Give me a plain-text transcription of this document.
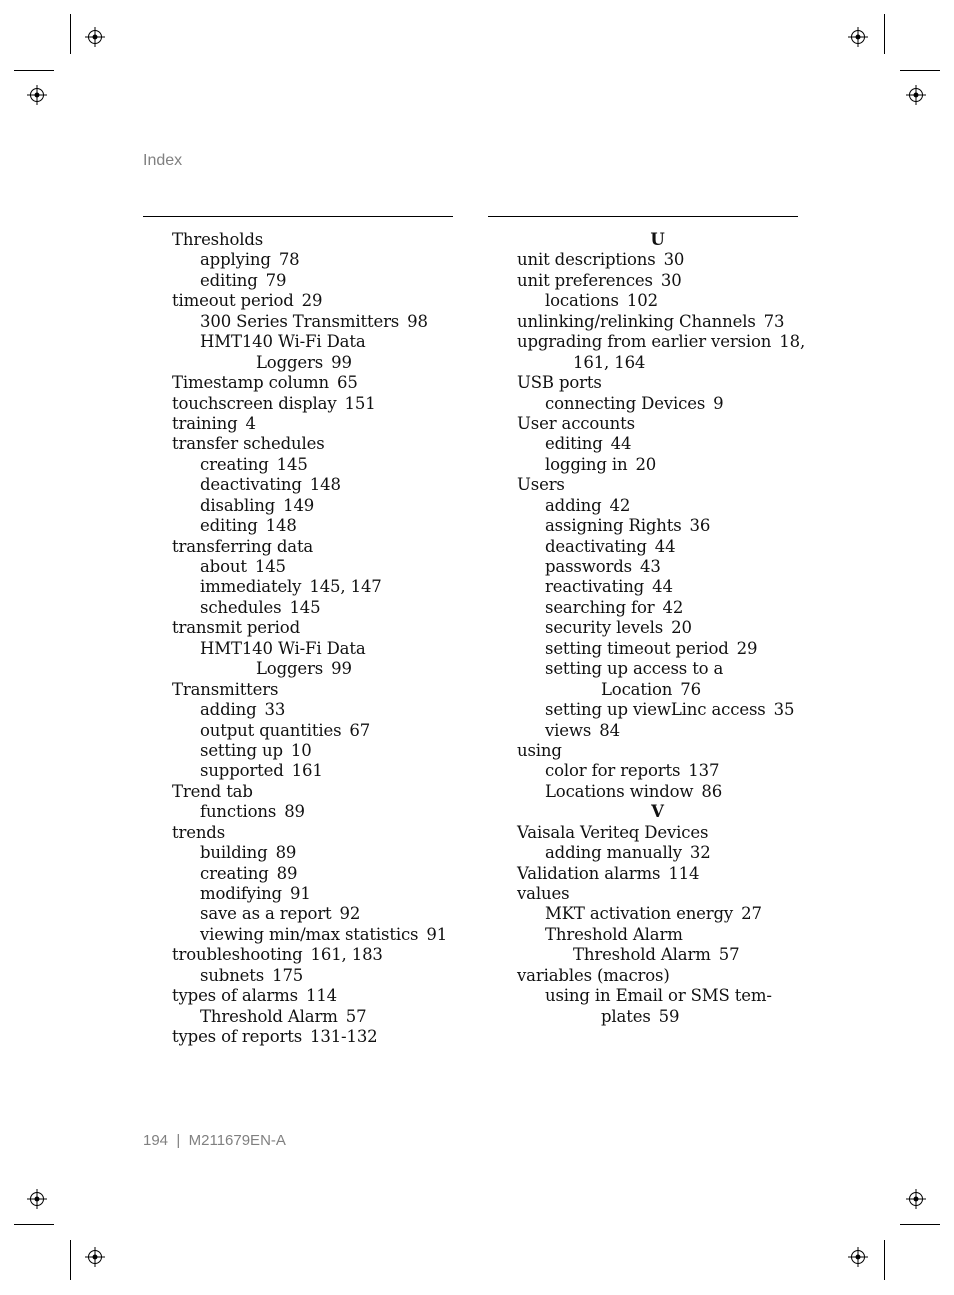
Index
Thresholds
applying 78
editing 79
timeout period 29
300 Series Transmitters 98
HMT140 Wi-Fi Data
Loggers 99
Timestamp column 65
touchscreen display 151
training 4
transfer schedules
creating 145
deactivating 148
disabling 149
editing 148
transferring data
about 145
immediately 145, 147
schedules 145
transmit period
HMT140 Wi-Fi Data
Loggers 99
Transmitters
adding 33
output quantities 67
setting up 10
supported 161
Trend tab
functions 89
trends
building 89
creating 89
modifying 91
save as a report 92
viewing min/max statistics 91
troubleshooting 161, 183
subnets 175
types of alarms 114
Threshold Alarm 57
types of reports 131-132
U
unit descriptions 30
unit preferences 30
locations 102
unlinking/relinking Channels 73
upgrading from earlier version 18,
161, 164
USB ports
connecting Devices 9
User accounts
editing 44
logging in 20
Users
adding 42
assigning Rights 36
deactivating 44
passwords 43
reactivating 44
searching for 42
security levels 20
setting timeout period 29
setting up access to a
Location 76
setting up viewLinc access 35
views 84
using
color for reports 137
Locations window 86
V
Vaisala Veriteq Devices
adding manually 32
Validation alarms 114
values
MKT activation energy 27
Threshold Alarm
Threshold Alarm 57
variables (macros)
using in Email or SMS tem-
plates 59
194 | M211679EN-A
